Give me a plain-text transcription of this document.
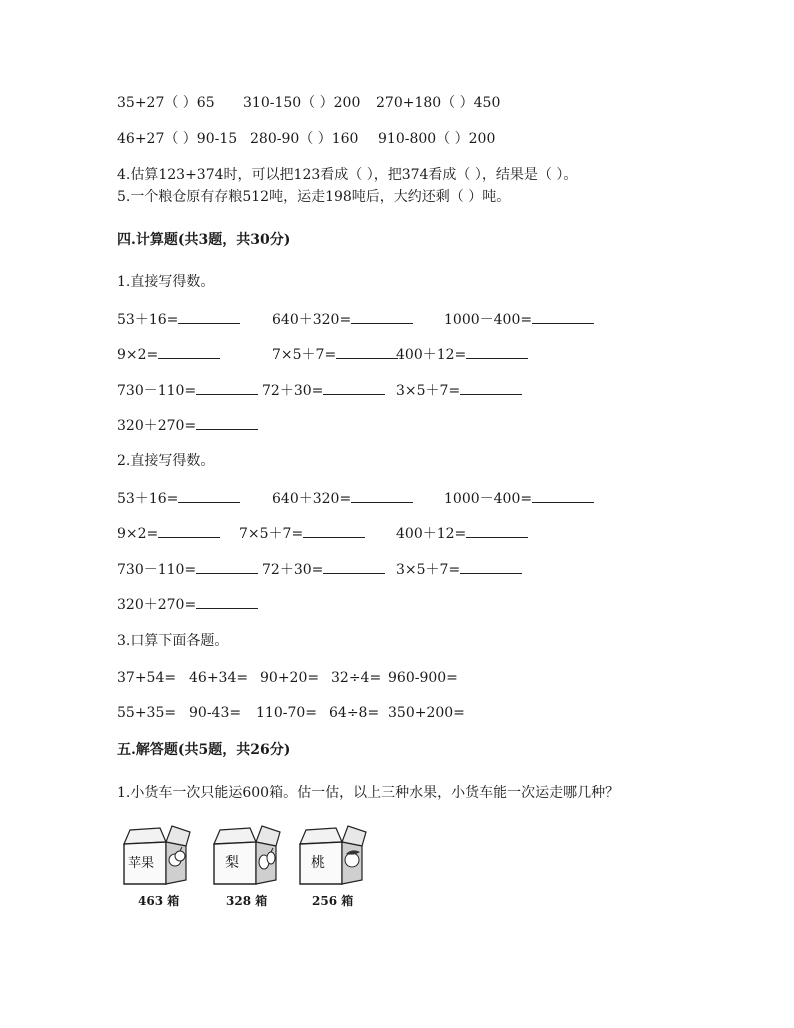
35+27（ ）65 310-150（ ）200 270+180（ ）450
46+27（ ）90-15 280-90（ ）160 910-800（ ）200
4.估算123+374时，可以把123看成（ ），把374看成（ ），结果是（ ）。
5.一个粮仓原有存粮512吨，运走198吨后，大约还剩（ ）吨。
四.计算题(共3题，共30分)
1.直接写得数。
53＋16=	640＋320=	1000－400=
9×2=	7×5＋7=	400＋12=
730－110=	72＋30=	3×5＋7=
320＋270=
2.直接写得数。
53＋16=	640＋320=	1000－400=
9×2=	7×5＋7=	400＋12=
730－110=	72＋30=	3×5＋7=
320＋270=
3.口算下面各题。
37+54= 46+34= 90+20= 32÷4= 960-900=
55+35= 90-43= 110-70= 64÷8= 350+200=
五.解答题(共5题，共26分)
1.小货车一次只能运600箱。估一估，以上三种水果，小货车能一次运走哪几种？
苹果
463 箱
梨
328 箱
桃
256 箱
